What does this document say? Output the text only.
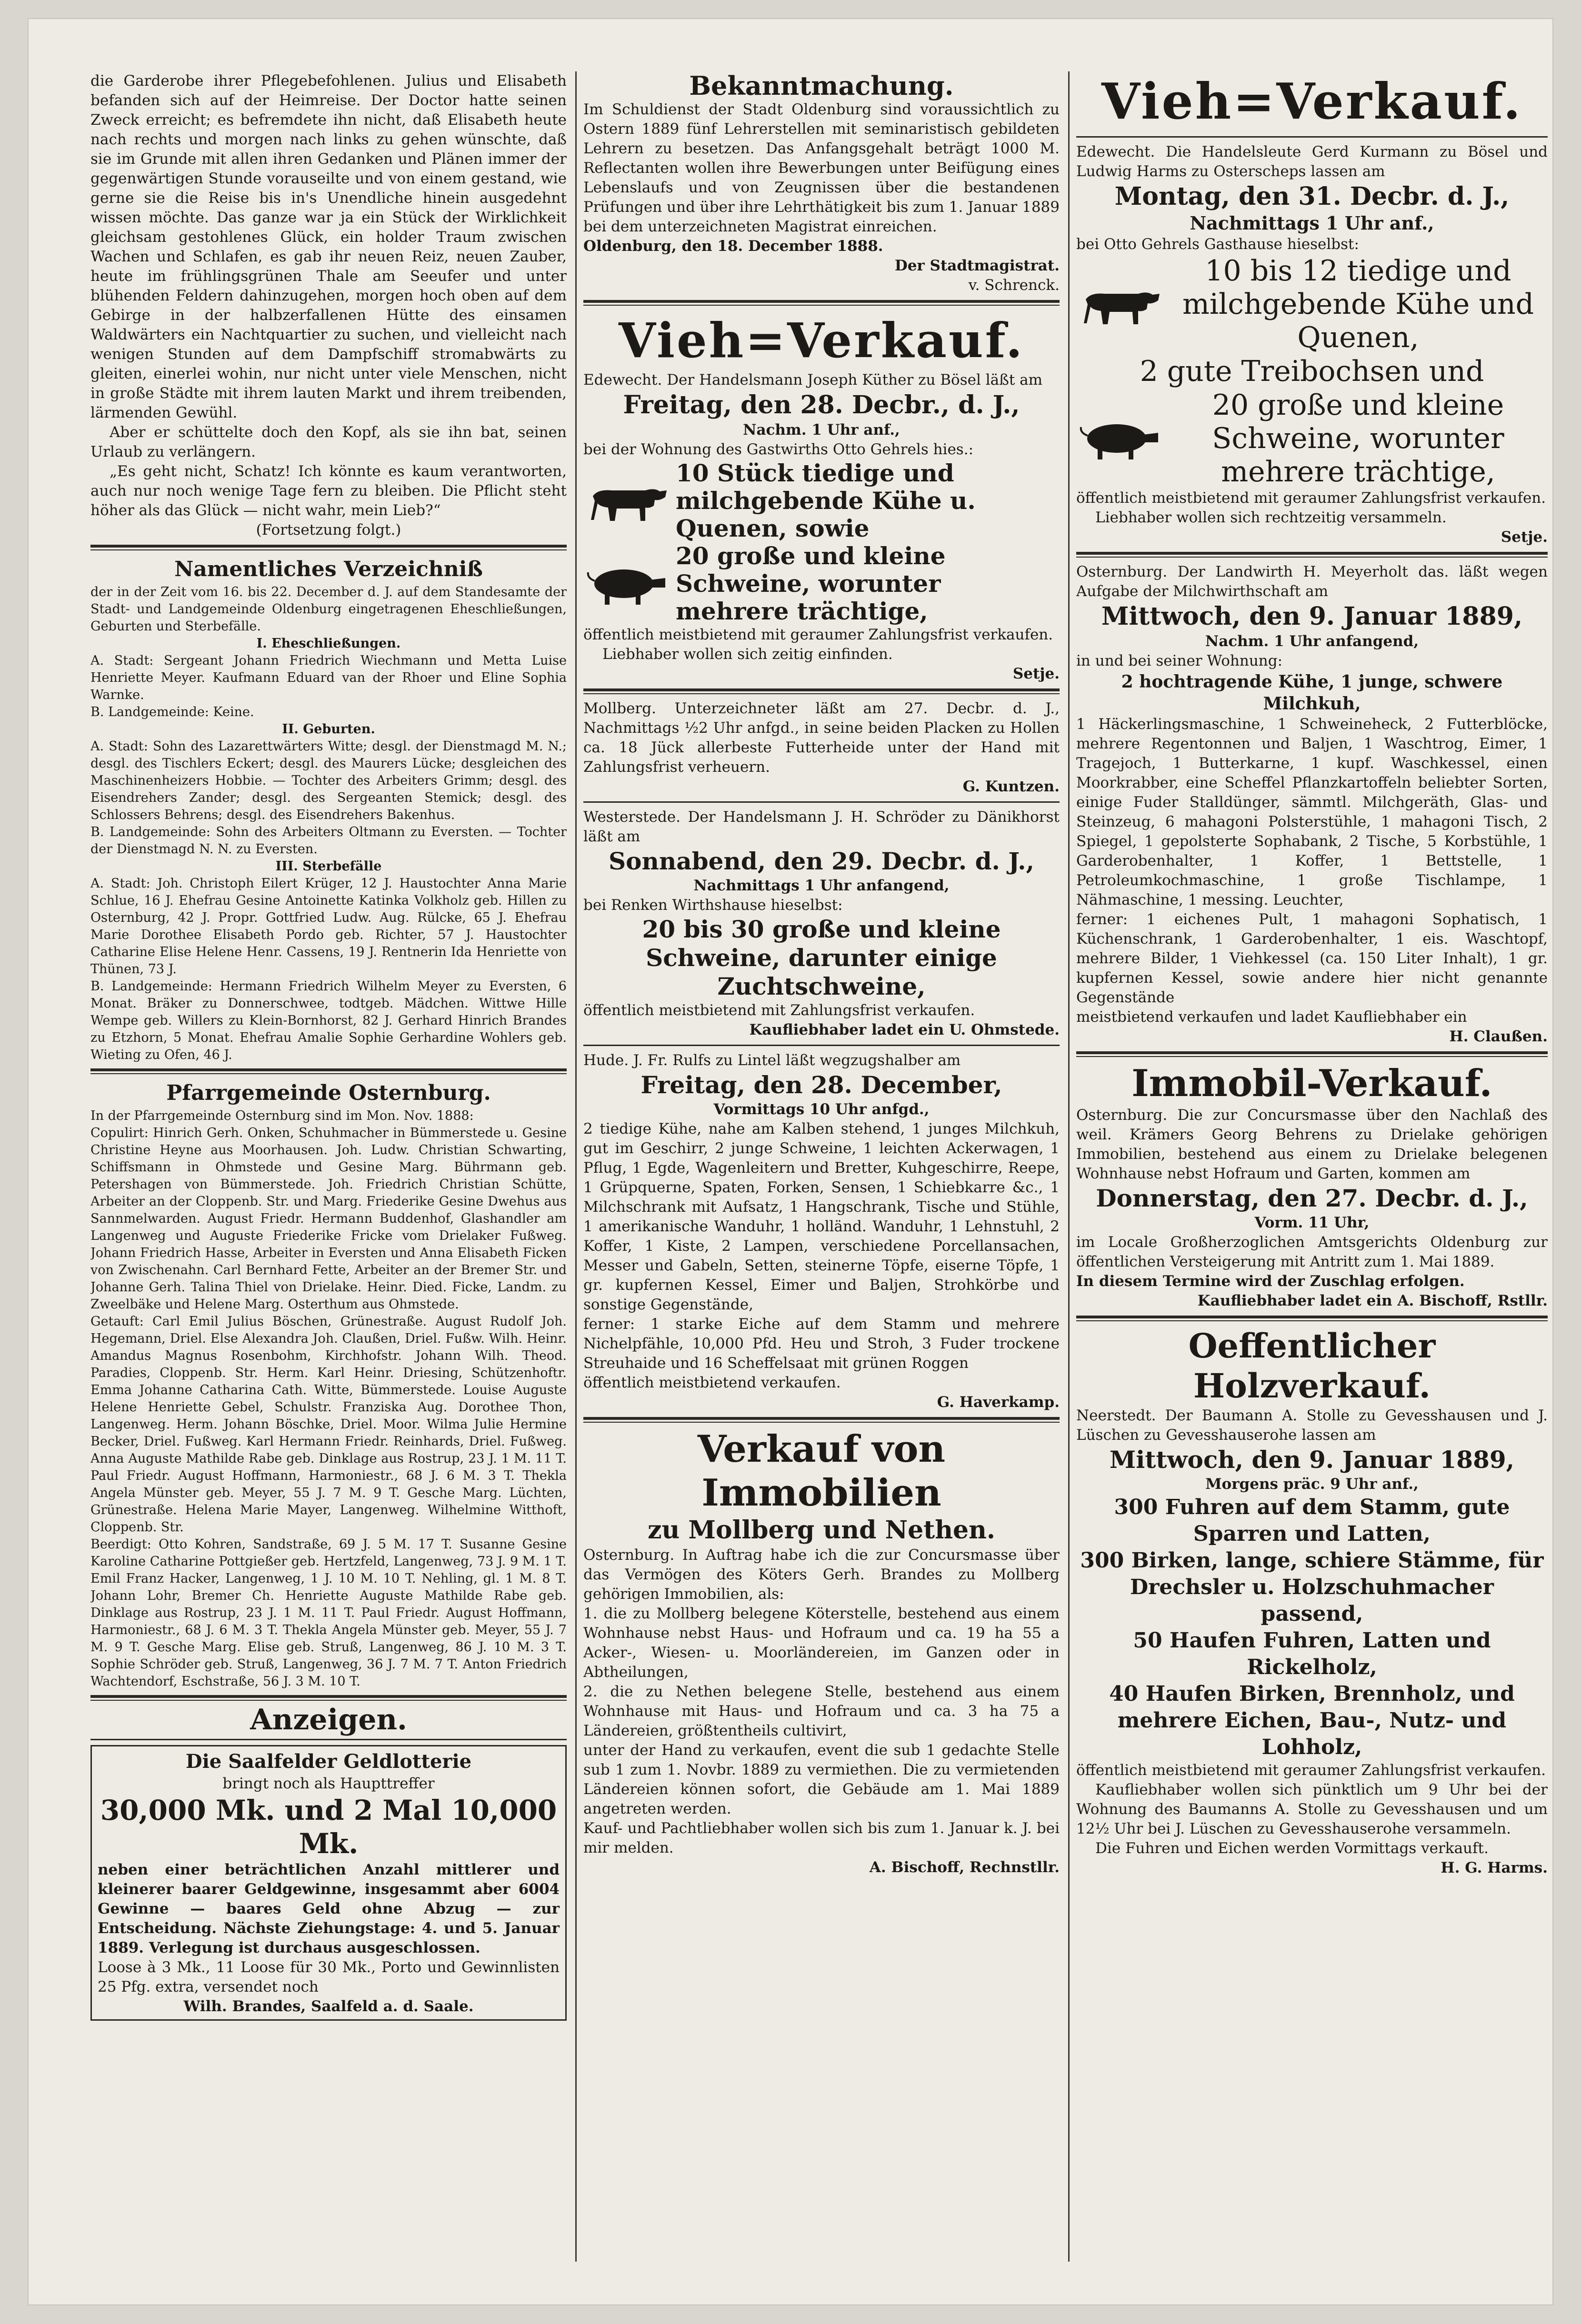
die Garderobe ihrer Pflegebefohlenen. Julius und Elisabeth befanden sich auf der Heimreise. Der Doctor hatte seinen Zweck erreicht; es befremdete ihn nicht, daß Elisabeth heute nach rechts und morgen nach links zu gehen wünschte, daß sie im Grunde mit allen ihren Gedanken und Plänen immer der gegenwärtigen Stunde vorauseilte und von einem gestand, wie gerne sie die Reise bis in's Unendliche hinein ausgedehnt wissen möchte. Das ganze war ja ein Stück der Wirklichkeit gleichsam gestohlenes Glück, ein holder Traum zwischen Wachen und Schlafen, es gab ihr neuen Reiz, neuen Zauber, heute im frühlingsgrünen Thale am Seeufer und unter blühenden Feldern dahinzugehen, morgen hoch oben auf dem Gebirge in der halbzerfallenen Hütte des einsamen Waldwärters ein Nachtquartier zu suchen, und vielleicht nach wenigen Stunden auf dem Dampfschiff stromabwärts zu gleiten, einerlei wohin, nur nicht unter viele Menschen, nicht in große Städte mit ihrem lauten Markt und ihrem treibenden, lärmenden Gewühl.

Aber er schüttelte doch den Kopf, als sie ihn bat, seinen Urlaub zu verlängern.

„Es geht nicht, Schatz! Ich könnte es kaum verantworten, auch nur noch wenige Tage fern zu bleiben. Die Pflicht steht höher als das Glück — nicht wahr, mein Lieb?“

(Fortsetzung folgt.)

Namentliches Verzeichniß

der in der Zeit vom 16. bis 22. December d. J. auf dem Standesamte der Stadt- und Landgemeinde Oldenburg eingetragenen Eheschließungen, Geburten und Sterbefälle.

I. Eheschließungen.

A. Stadt: Sergeant Johann Friedrich Wiechmann und Metta Luise Henriette Meyer. Kaufmann Eduard van der Rhoer und Eline Sophia Warnke.

B. Landgemeinde: Keine.

II. Geburten.

A. Stadt: Sohn des Lazarettwärters Witte; desgl. der Dienstmagd M. N.; desgl. des Tischlers Eckert; desgl. des Maurers Lücke; desgleichen des Maschinenheizers Hobbie. — Tochter des Arbeiters Grimm; desgl. des Eisendrehers Zander; desgl. des Sergeanten Stemick; desgl. des Schlossers Behrens; desgl. des Eisendrehers Bakenhus.

B. Landgemeinde: Sohn des Arbeiters Oltmann zu Eversten. — Tochter der Dienstmagd N. N. zu Eversten.

III. Sterbefälle

A. Stadt: Joh. Christoph Eilert Krüger, 12 J. Haustochter Anna Marie Schlue, 16 J. Ehefrau Gesine Antoinette Katinka Volkholz geb. Hillen zu Osternburg, 42 J. Propr. Gottfried Ludw. Aug. Rülcke, 65 J. Ehefrau Marie Dorothee Elisabeth Pordo geb. Richter, 57 J. Haustochter Catharine Elise Helene Henr. Cassens, 19 J. Rentnerin Ida Henriette von Thünen, 73 J.

B. Landgemeinde: Hermann Friedrich Wilhelm Meyer zu Eversten, 6 Monat. Bräker zu Donnerschwee, todtgeb. Mädchen. Wittwe Hille Wempe geb. Willers zu Klein-Bornhorst, 82 J. Gerhard Hinrich Brandes zu Etzhorn, 5 Monat. Ehefrau Amalie Sophie Gerhardine Wohlers geb. Wieting zu Ofen, 46 J.

Pfarrgemeinde Osternburg.

In der Pfarrgemeinde Osternburg sind im Mon. Nov. 1888:

Copulirt: Hinrich Gerh. Onken, Schuhmacher in Bümmerstede u. Gesine Christine Heyne aus Moorhausen. Joh. Ludw. Christian Schwarting, Schiffsmann in Ohmstede und Gesine Marg. Bührmann geb. Petershagen von Bümmerstede. Joh. Friedrich Christian Schütte, Arbeiter an der Cloppenb. Str. und Marg. Friederike Gesine Dwehus aus Sannmelwarden. August Friedr. Hermann Buddenhof, Glashandler am Langenweg und Auguste Friederike Fricke vom Drielaker Fußweg. Johann Friedrich Hasse, Arbeiter in Eversten und Anna Elisabeth Ficken von Zwischenahn. Carl Bernhard Fette, Arbeiter an der Bremer Str. und Johanne Gerh. Talina Thiel von Drielake. Heinr. Died. Ficke, Landm. zu Zweelbäke und Helene Marg. Osterthum aus Ohmstede.

Getauft: Carl Emil Julius Böschen, Grünestraße. August Rudolf Joh. Hegemann, Driel. Else Alexandra Joh. Claußen, Driel. Fußw. Wilh. Heinr. Amandus Magnus Rosenbohm, Kirchhofstr. Johann Wilh. Theod. Paradies, Cloppenb. Str. Herm. Karl Heinr. Driesing, Schützenhoftr. Emma Johanne Catharina Cath. Witte, Bümmerstede. Louise Auguste Helene Henriette Gebel, Schulstr. Franziska Aug. Dorothee Thon, Langenweg. Herm. Johann Böschke, Driel. Moor. Wilma Julie Hermine Becker, Driel. Fußweg. Karl Hermann Friedr. Reinhards, Driel. Fußweg. Anna Auguste Mathilde Rabe geb. Dinklage aus Rostrup, 23 J. 1 M. 11 T. Paul Friedr. August Hoffmann, Harmoniestr., 68 J. 6 M. 3 T. Thekla Angela Münster geb. Meyer, 55 J. 7 M. 9 T. Gesche Marg. Lüchten, Grünestraße. Helena Marie Mayer, Langenweg. Wilhelmine Witthoft, Cloppenb. Str.

Beerdigt: Otto Kohren, Sandstraße, 69 J. 5 M. 17 T. Susanne Gesine Karoline Catharine Pottgießer geb. Hertzfeld, Langenweg, 73 J. 9 M. 1 T. Emil Franz Hacker, Langenweg, 1 J. 10 M. 10 T. Nehling, gl. 1 M. 8 T. Johann Lohr, Bremer Ch. Henriette Auguste Mathilde Rabe geb. Dinklage aus Rostrup, 23 J. 1 M. 11 T. Paul Friedr. August Hoffmann, Harmoniestr., 68 J. 6 M. 3 T. Thekla Angela Münster geb. Meyer, 55 J. 7 M. 9 T. Gesche Marg. Elise geb. Struß, Langenweg, 86 J. 10 M. 3 T. Sophie Schröder geb. Struß, Langenweg, 36 J. 7 M. 7 T. Anton Friedrich Wachtendorf, Eschstraße, 56 J. 3 M. 10 T.

Anzeigen.
Die Saalfelder Geldlotterie

bringt noch als Haupttreffer

30,000 Mk. und 2 Mal 10,000 Mk.

neben einer beträchtlichen Anzahl mittlerer und kleinerer baarer Geldgewinne, insgesammt aber 6004 Gewinne — baares Geld ohne Abzug — zur Entscheidung. Nächste Ziehungstage: 4. und 5. Januar 1889. Verlegung ist durchaus ausgeschlossen.

Loose à 3 Mk., 11 Loose für 30 Mk., Porto und Gewinnlisten 25 Pfg. extra, versendet noch

Wilh. Brandes, Saalfeld a. d. Saale.

Bekanntmachung.

Im Schuldienst der Stadt Oldenburg sind voraussichtlich zu Ostern 1889 fünf Lehrerstellen mit seminaristisch gebildeten Lehrern zu besetzen. Das Anfangsgehalt beträgt 1000 M. Reflectanten wollen ihre Bewerbungen unter Beifügung eines Lebenslaufs und von Zeugnissen über die bestandenen Prüfungen und über ihre Lehrthätigkeit bis zum 1. Januar 1889 bei dem unterzeichneten Magistrat einreichen.

Oldenburg, den 18. December 1888.

Der Stadtmagistrat.

v. Schrenck.

Vieh=Verkauf.

Edewecht. Der Handelsmann Joseph Küther zu Bösel läßt am

Freitag, den 28. Decbr., d. J.,

Nachm. 1 Uhr anf.,

bei der Wohnung des Gastwirths Otto Gehrels hies.:

10 Stück tiedige und milchgebende Kühe u. Quenen, sowie
20 große und kleine Schweine, worunter mehrere trächtige,

öffentlich meistbietend mit geraumer Zahlungsfrist verkaufen.

Liebhaber wollen sich zeitig einfinden.

Setje.

Mollberg. Unterzeichneter läßt am 27. Decbr. d. J., Nachmittags ½2 Uhr anfgd., in seine beiden Placken zu Hollen ca. 18 Jück allerbeste Futterheide unter der Hand mit Zahlungsfrist verheuern.

G. Kuntzen.

Westerstede. Der Handelsmann J. H. Schröder zu Dänikhorst läßt am

Sonnabend, den 29. Decbr. d. J.,

Nachmittags 1 Uhr anfangend,

bei Renken Wirthshause hieselbst:

20 bis 30 große und kleine Schweine, darunter einige Zuchtschweine,

öffentlich meistbietend mit Zahlungsfrist verkaufen.

Kaufliebhaber ladet ein U. Ohmstede.

Hude. J. Fr. Rulfs zu Lintel läßt wegzugshalber am

Freitag, den 28. December,

Vormittags 10 Uhr anfgd.,

2 tiedige Kühe, nahe am Kalben stehend, 1 junges Milchkuh, gut im Geschirr, 2 junge Schweine, 1 leichten Ackerwagen, 1 Pflug, 1 Egde, Wagenleitern und Bretter, Kuhgeschirre, Reepe, 1 Grüpquerne, Spaten, Forken, Sensen, 1 Schiebkarre &c., 1 Milchschrank mit Aufsatz, 1 Hangschrank, Tische und Stühle, 1 amerikanische Wanduhr, 1 holländ. Wanduhr, 1 Lehnstuhl, 2 Koffer, 1 Kiste, 2 Lampen, verschiedene Porcellansachen, Messer und Gabeln, Setten, steinerne Töpfe, eiserne Töpfe, 1 gr. kupfernen Kessel, Eimer und Baljen, Strohkörbe und sonstige Gegenstände,

ferner: 1 starke Eiche auf dem Stamm und mehrere Nichelpfähle, 10,000 Pfd. Heu und Stroh, 3 Fuder trockene Streuhaide und 16 Scheffelsaat mit grünen Roggen

öffentlich meistbietend verkaufen.

G. Haverkamp.

Verkauf von Immobilien
zu Mollberg und Nethen.

Osternburg. In Auftrag habe ich die zur Concursmasse über das Vermögen des Köters Gerh. Brandes zu Mollberg gehörigen Immobilien, als:

1. die zu Mollberg belegene Köterstelle, bestehend aus einem Wohnhause nebst Haus- und Hofraum und ca. 19 ha 55 a Acker-, Wiesen- u. Moorländereien, im Ganzen oder in Abtheilungen,

2. die zu Nethen belegene Stelle, bestehend aus einem Wohnhause mit Haus- und Hofraum und ca. 3 ha 75 a Ländereien, größtentheils cultivirt,

unter der Hand zu verkaufen, event die sub 1 gedachte Stelle sub 1 zum 1. Novbr. 1889 zu vermiethen. Die zu vermietenden Ländereien können sofort, die Gebäude am 1. Mai 1889 angetreten werden.

Kauf- und Pachtliebhaber wollen sich bis zum 1. Januar k. J. bei mir melden.

A. Bischoff, Rechnstllr.

Vieh=Verkauf.

Edewecht. Die Handelsleute Gerd Kurmann zu Bösel und Ludwig Harms zu Osterscheps lassen am

Montag, den 31. Decbr. d. J.,
Nachmittags 1 Uhr anf.,

bei Otto Gehrels Gasthause hieselbst:

10 bis 12 tiedige und milchgebende Kühe und Quenen,
2 gute Treibochsen und
20 große und kleine Schweine, worunter mehrere trächtige,

öffentlich meistbietend mit geraumer Zahlungsfrist verkaufen.

Liebhaber wollen sich rechtzeitig versammeln.

Setje.

Osternburg. Der Landwirth H. Meyerholt das. läßt wegen Aufgabe der Milchwirthschaft am

Mittwoch, den 9. Januar 1889,

Nachm. 1 Uhr anfangend,

in und bei seiner Wohnung:

2 hochtragende Kühe, 1 junge, schwere Milchkuh,

1 Häckerlingsmaschine, 1 Schweineheck, 2 Futterblöcke, mehrere Regentonnen und Baljen, 1 Waschtrog, Eimer, 1 Tragejoch, 1 Butterkarne, 1 kupf. Waschkessel, einen Moorkrabber, eine Scheffel Pflanzkartoffeln beliebter Sorten, einige Fuder Stalldünger, sämmtl. Milchgeräth, Glas- und Steinzeug, 6 mahagoni Polsterstühle, 1 mahagoni Tisch, 2 Spiegel, 1 gepolsterte Sophabank, 2 Tische, 5 Korbstühle, 1 Garderobenhalter, 1 Koffer, 1 Bettstelle, 1 Petroleumkochmaschine, 1 große Tischlampe, 1 Nähmaschine, 1 messing. Leuchter,

ferner: 1 eichenes Pult, 1 mahagoni Sophatisch, 1 Küchenschrank, 1 Garderobenhalter, 1 eis. Waschtopf, mehrere Bilder, 1 Viehkessel (ca. 150 Liter Inhalt), 1 gr. kupfernen Kessel, sowie andere hier nicht genannte Gegenstände

meistbietend verkaufen und ladet Kaufliebhaber ein

H. Claußen.

Immobil-Verkauf.

Osternburg. Die zur Concursmasse über den Nachlaß des weil. Krämers Georg Behrens zu Drielake gehörigen Immobilien, bestehend aus einem zu Drielake belegenen Wohnhause nebst Hofraum und Garten, kommen am

Donnerstag, den 27. Decbr. d. J.,

Vorm. 11 Uhr,

im Locale Großherzoglichen Amtsgerichts Oldenburg zur öffentlichen Versteigerung mit Antritt zum 1. Mai 1889.

In diesem Termine wird der Zuschlag erfolgen.

Kaufliebhaber ladet ein A. Bischoff, Rstllr.

Oeffentlicher Holzverkauf.

Neerstedt. Der Baumann A. Stolle zu Gevesshausen und J. Lüschen zu Gevesshauserohe lassen am

Mittwoch, den 9. Januar 1889,

Morgens präc. 9 Uhr anf.,

300 Fuhren auf dem Stamm, gute Sparren und Latten,
300 Birken, lange, schiere Stämme, für Drechsler u. Holzschuhmacher passend,
50 Haufen Fuhren, Latten und Rickelholz,
40 Haufen Birken, Brennholz, und mehrere Eichen, Bau-, Nutz- und Lohholz,

öffentlich meistbietend mit geraumer Zahlungsfrist verkaufen.

Kaufliebhaber wollen sich pünktlich um 9 Uhr bei der Wohnung des Baumanns A. Stolle zu Gevesshausen und um 12½ Uhr bei J. Lüschen zu Gevesshauserohe versammeln.

Die Fuhren und Eichen werden Vormittags verkauft.

H. G. Harms.
